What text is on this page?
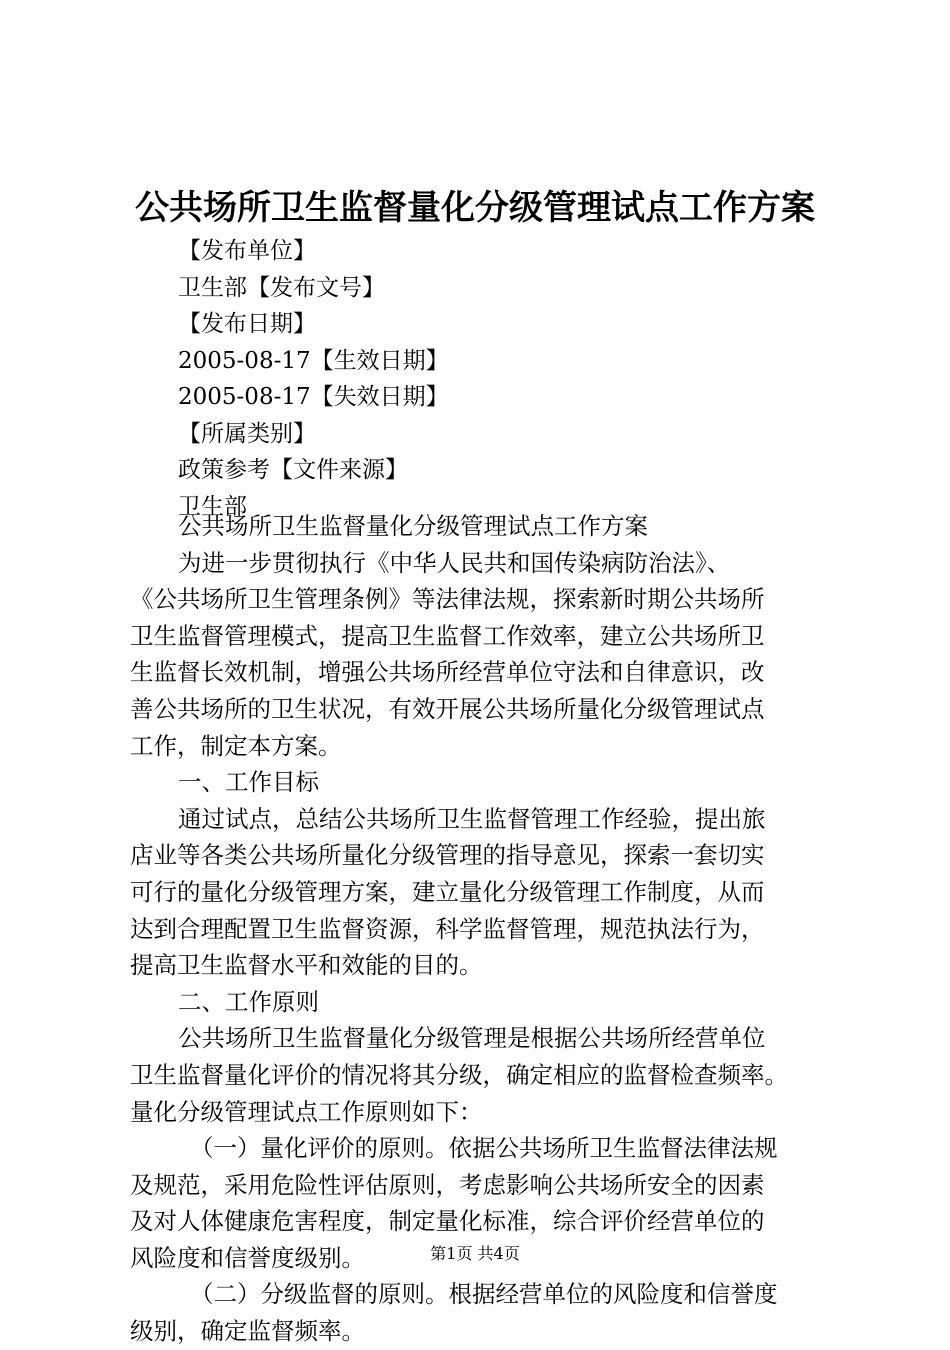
公共场所卫生监督量化分级管理试点工作方案
【发布单位】
卫生部【发布文号】
【发布日期】
2005-08-17【生效日期】
2005-08-17【失效日期】
【所属类别】
政策参考【文件来源】
卫生部
公共场所卫生监督量化分级管理试点工作方案
为进一步贯彻执行《中华人民共和国传染病防治法》、
《公共场所卫生管理条例》等法律法规，探索新时期公共场所
卫生监督管理模式，提高卫生监督工作效率，建立公共场所卫
生监督长效机制，增强公共场所经营单位守法和自律意识，改
善公共场所的卫生状况，有效开展公共场所量化分级管理试点
工作，制定本方案。
一、工作目标
通过试点，总结公共场所卫生监督管理工作经验，提出旅
店业等各类公共场所量化分级管理的指导意见，探索一套切实
可行的量化分级管理方案，建立量化分级管理工作制度，从而
达到合理配置卫生监督资源，科学监督管理，规范执法行为，
提高卫生监督水平和效能的目的。
二、工作原则
公共场所卫生监督量化分级管理是根据公共场所经营单位
卫生监督量化评价的情况将其分级，确定相应的监督检查频率。
量化分级管理试点工作原则如下：
（一）量化评价的原则。依据公共场所卫生监督法律法规
及规范，采用危险性评估原则，考虑影响公共场所安全的因素
及对人体健康危害程度，制定量化标准，综合评价经营单位的
风险度和信誉度级别。
（二）分级监督的原则。根据经营单位的风险度和信誉度
级别，确定监督频率。
第1页 共4页
